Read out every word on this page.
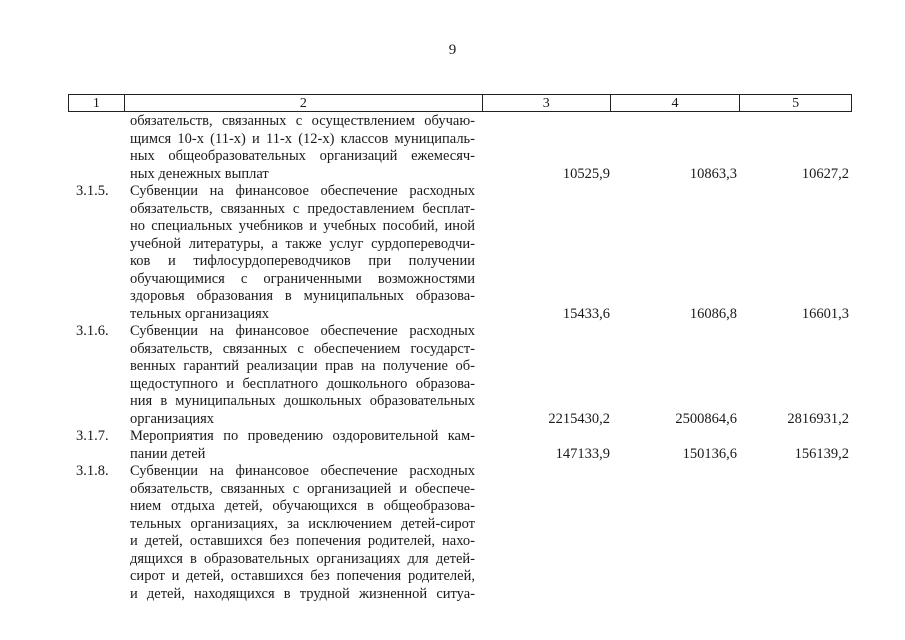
9
1	2	3	4	5
обязательств, связанных с осуществлением обучаю-
щимся 10-х (11-х) и 11-х (12-х) классов муниципаль-
ных общеобразовательных организаций ежемесяч-
ных денежных выплат	10525,9	10863,3	10627,2
3.1.5.	Субвенции на финансовое обеспечение расходных
обязательств, связанных с предоставлением бесплат-
но специальных учебников и учебных пособий, иной
учебной литературы, а также услуг сурдопереводчи-
ков и тифлосурдопереводчиков при получении
обучающимися с ограниченными возможностями
здоровья образования в муниципальных образова-
тельных организациях	15433,6	16086,8	16601,3
3.1.6.	Субвенции на финансовое обеспечение расходных
обязательств, связанных с обеспечением государст-
венных гарантий реализации прав на получение об-
щедоступного и бесплатного дошкольного образова-
ния в муниципальных дошкольных образовательных
организациях	2215430,2	2500864,6	2816931,2
3.1.7.	Мероприятия по проведению оздоровительной кам-
пании детей	147133,9	150136,6	156139,2
3.1.8.	Субвенции на финансовое обеспечение расходных
обязательств, связанных с организацией и обеспече-
нием отдыха детей, обучающихся в общеобразова-
тельных организациях, за исключением детей-сирот
и детей, оставшихся без попечения родителей, нахо-
дящихся в образовательных организациях для детей-
сирот и детей, оставшихся без попечения родителей,
и детей, находящихся в трудной жизненной ситуа-
